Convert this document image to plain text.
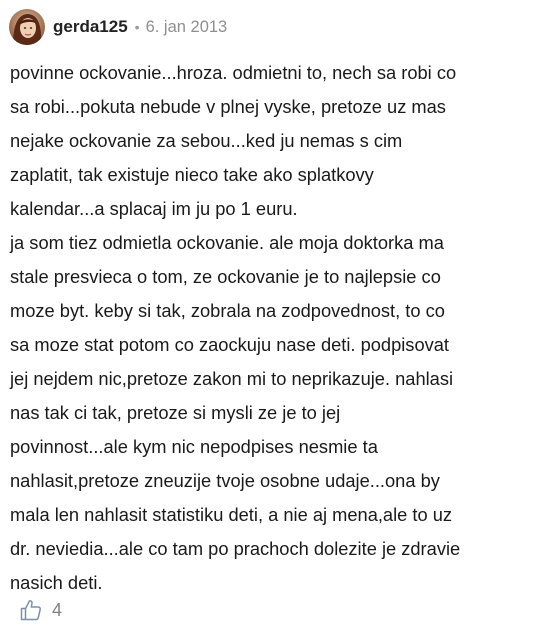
gerda125 • 6. jan 2013
povinne ockovanie...hroza. odmietni to, nech sa robi co
sa robi...pokuta nebude v plnej vyske, pretoze uz mas
nejake ockovanie za sebou...ked ju nemas s cim
zaplatit, tak existuje nieco take ako splatkovy
kalendar...a splacaj im ju po 1 euru.
ja som tiez odmietla ockovanie. ale moja doktorka ma
stale presvieca o tom, ze ockovanie je to najlepsie co
moze byt. keby si tak, zobrala na zodpovednost, to co
sa moze stat potom co zaockuju nase deti. podpisovat
jej nejdem nic,pretoze zakon mi to neprikazuje. nahlasi
nas tak ci tak, pretoze si mysli ze je to jej
povinnost...ale kym nic nepodpises nesmie ta
nahlasit,pretoze zneuzije tvoje osobne udaje...ona by
mala len nahlasit statistiku deti, a nie aj mena,ale to uz
dr. neviedia...ale co tam po prachoch dolezite je zdravie
nasich deti.
4
